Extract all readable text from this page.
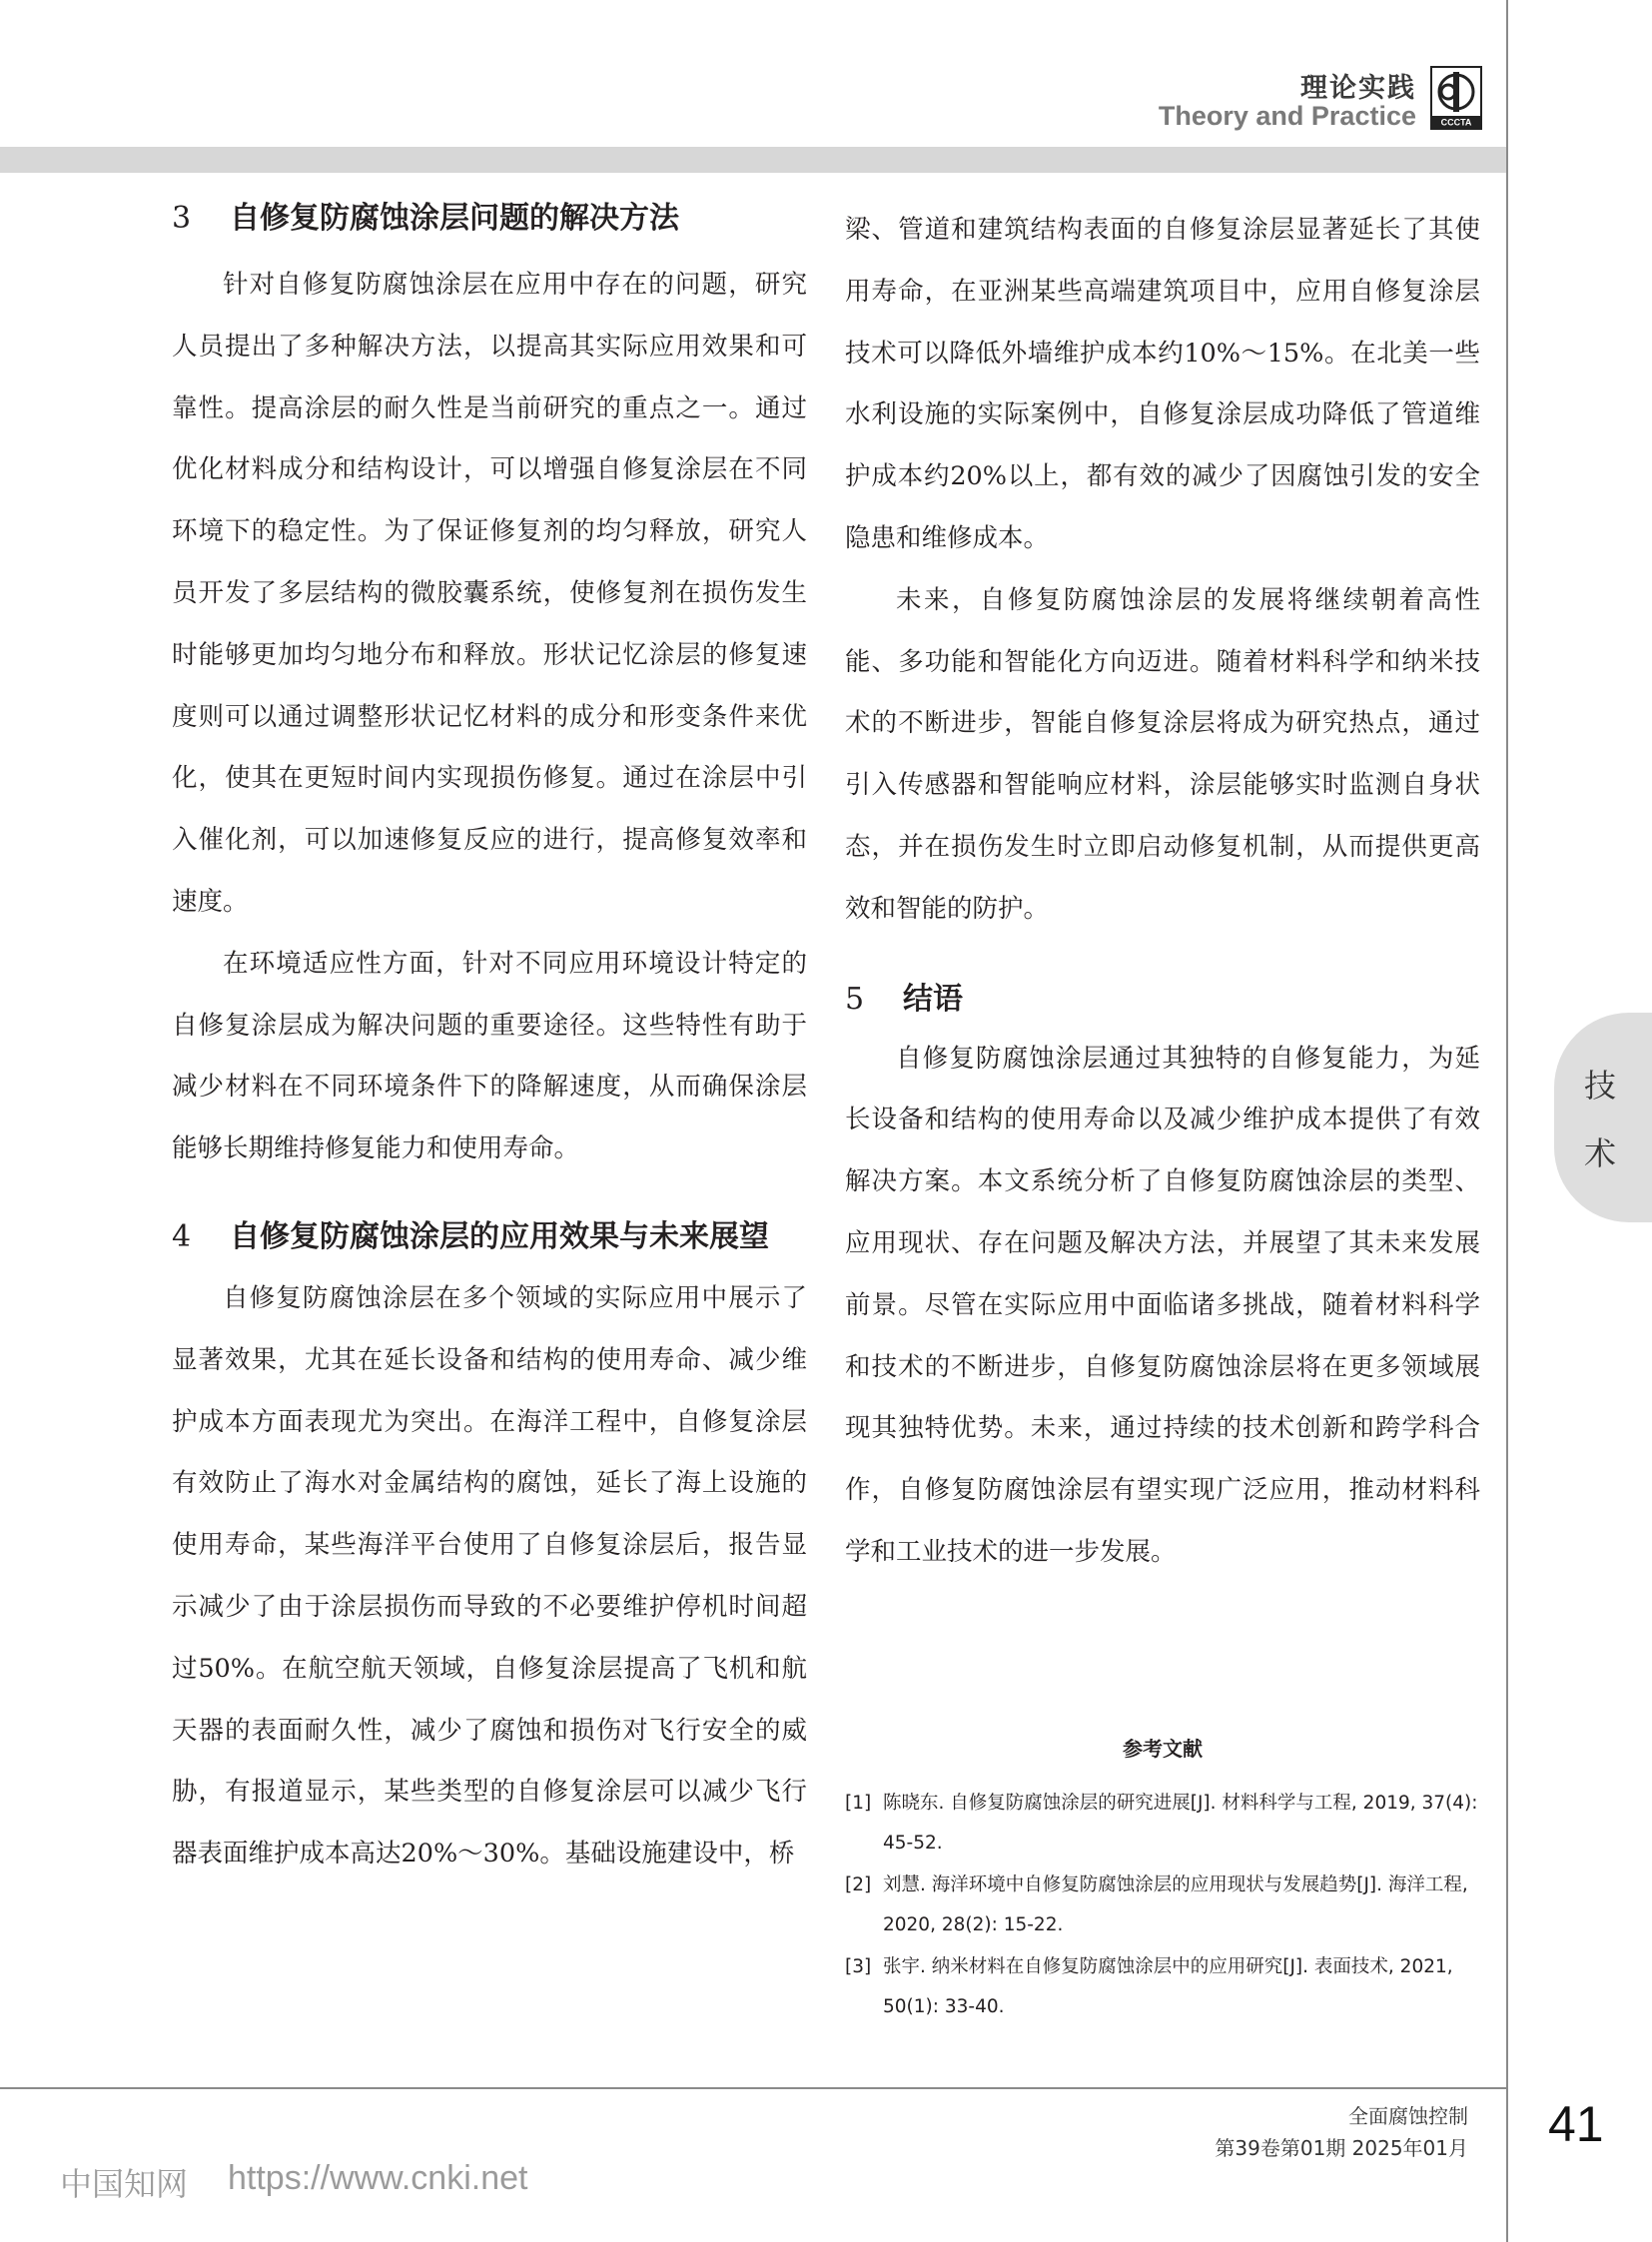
理论实践
Theory and Practice	CCCTA
3	自修复防腐蚀涂层问题的解决方法

针对自修复防腐蚀涂层在应用中存在的问题，研究人员提出了多种解决方法，以提高其实际应用效果和可靠性。提高涂层的耐久性是当前研究的重点之一。通过优化材料成分和结构设计，可以增强自修复涂层在不同环境下的稳定性。为了保证修复剂的均匀释放，研究人员开发了多层结构的微胶囊系统，使修复剂在损伤发生时能够更加均匀地分布和释放。形状记忆涂层的修复速度则可以通过调整形状记忆材料的成分和形变条件来优化，使其在更短时间内实现损伤修复。通过在涂层中引入催化剂，可以加速修复反应的进行，提高修复效率和速度。

在环境适应性方面，针对不同应用环境设计特定的自修复涂层成为解决问题的重要途径。这些特性有助于减少材料在不同环境条件下的降解速度，从而确保涂层能够长期维持修复能力和使用寿命。

4	自修复防腐蚀涂层的应用效果与未来展望

自修复防腐蚀涂层在多个领域的实际应用中展示了显著效果，尤其在延长设备和结构的使用寿命、减少维护成本方面表现尤为突出。在海洋工程中，自修复涂层有效防止了海水对金属结构的腐蚀，延长了海上设施的使用寿命，某些海洋平台使用了自修复涂层后，报告显示减少了由于涂层损伤而导致的不必要维护停机时间超过50%。在航空航天领域，自修复涂层提高了飞机和航天器的表面耐久性，减少了腐蚀和损伤对飞行安全的威胁，有报道显示，某些类型的自修复涂层可以减少飞行器表面维护成本高达20%～30%。基础设施建设中，桥

梁、管道和建筑结构表面的自修复涂层显著延长了其使用寿命，在亚洲某些高端建筑项目中，应用自修复涂层技术可以降低外墙维护成本约10%～15%。在北美一些水利设施的实际案例中，自修复涂层成功降低了管道维护成本约20%以上，都有效的减少了因腐蚀引发的安全隐患和维修成本。

未来，自修复防腐蚀涂层的发展将继续朝着高性能、多功能和智能化方向迈进。随着材料科学和纳米技术的不断进步，智能自修复涂层将成为研究热点，通过引入传感器和智能响应材料，涂层能够实时监测自身状态，并在损伤发生时立即启动修复机制，从而提供更高效和智能的防护。

5	结语

自修复防腐蚀涂层通过其独特的自修复能力，为延长设备和结构的使用寿命以及减少维护成本提供了有效解决方案。本文系统分析了自修复防腐蚀涂层的类型、应用现状、存在问题及解决方法，并展望了其未来发展前景。尽管在实际应用中面临诸多挑战，随着材料科学和技术的不断进步，自修复防腐蚀涂层将在更多领域展现其独特优势。未来，通过持续的技术创新和跨学科合作，自修复防腐蚀涂层有望实现广泛应用，推动材料科学和工业技术的进一步发展。

参考文献
[1] 陈晓东. 自修复防腐蚀涂层的研究进展[J]. 材料科学与工程, 2019, 37(4): 45-52.
[2] 刘慧. 海洋环境中自修复防腐蚀涂层的应用现状与发展趋势[J]. 海洋工程, 2020, 28(2): 15-22.
[3] 张宇. 纳米材料在自修复防腐蚀涂层中的应用研究[J]. 表面技术, 2021, 50(1): 33-40.
技
术
全面腐蚀控制
第39卷第01期 2025年01月 41
中国知网 https://www.cnki.net
